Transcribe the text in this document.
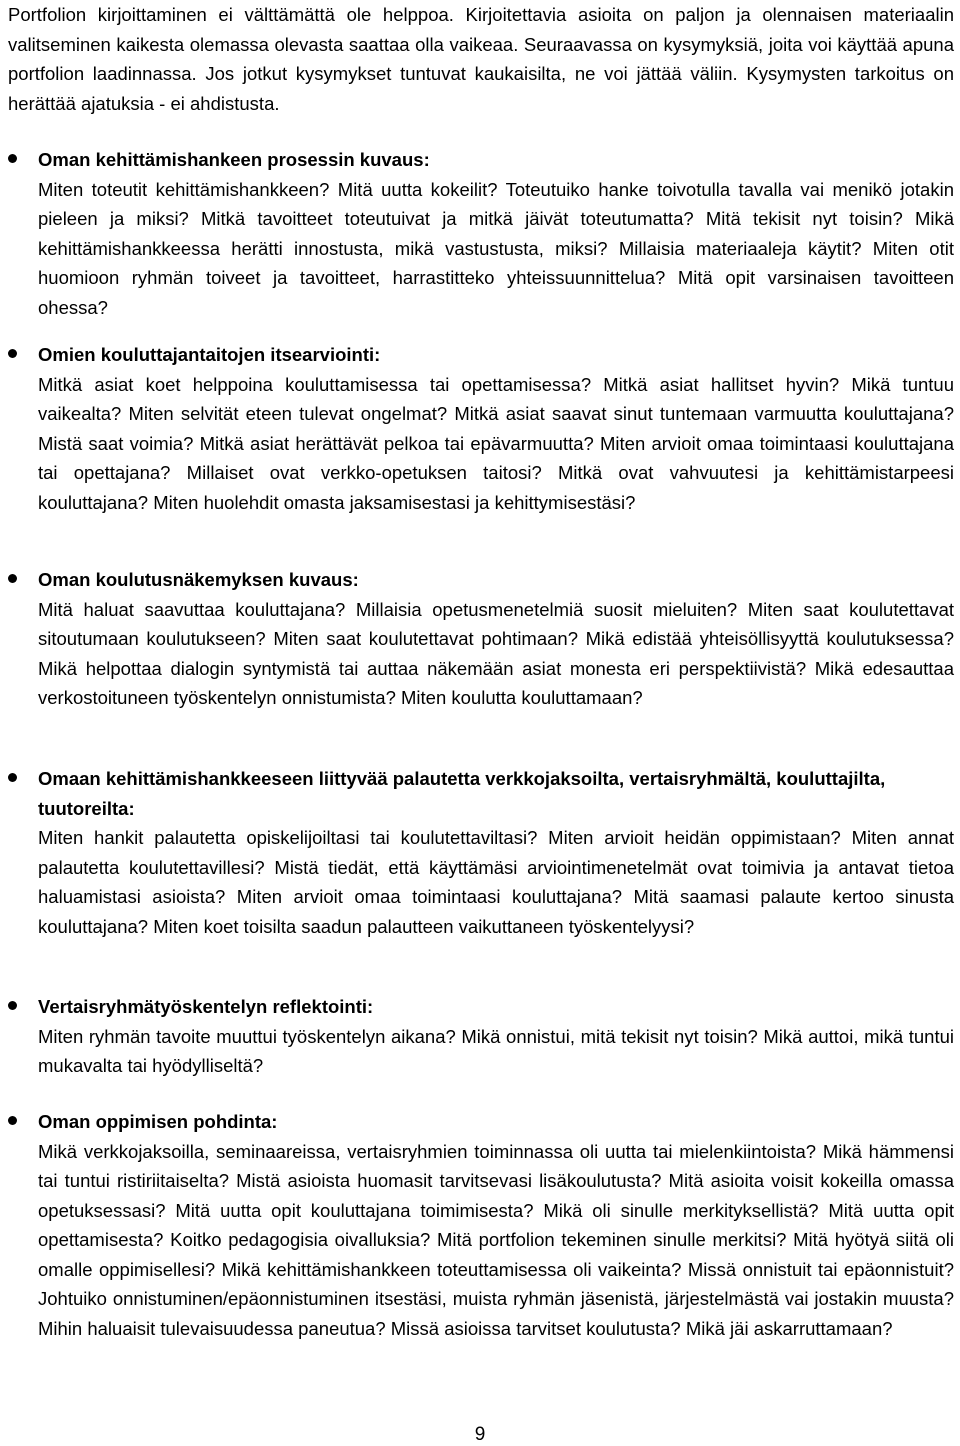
Portfolion kirjoittaminen ei välttämättä ole helppoa. Kirjoitettavia asioita on paljon ja olennaisen materiaalin valitseminen kaikesta olemassa olevasta saattaa olla vaikeaa. Seuraavassa on kysymyksiä, joita voi käyttää apuna portfolion laadinnassa. Jos jotkut kysymykset tuntuvat kaukaisilta, ne voi jättää väliin. Kysymysten tarkoitus on herättää ajatuksia - ei ahdistusta.

Oman kehittämishankeen prosessin kuvaus:

Miten toteutit kehittämishankkeen? Mitä uutta kokeilit? Toteutuiko hanke toivotulla tavalla vai menikö jotakin pieleen ja miksi? Mitkä tavoitteet toteutuivat ja mitkä jäivät toteutumatta? Mitä tekisit nyt toisin? Mikä kehittämishankkeessa herätti innostusta, mikä vastustusta, miksi? Millaisia materiaaleja käytit? Miten otit huomioon ryhmän toiveet ja tavoitteet, harrastitteko yhteissuunnittelua? Mitä opit varsinaisen tavoitteen ohessa?

Omien kouluttajantaitojen itsearviointi:

Mitkä asiat koet helppoina kouluttamisessa tai opettamisessa? Mitkä asiat hallitset hyvin? Mikä tuntuu vaikealta? Miten selvität eteen tulevat ongelmat? Mitkä asiat saavat sinut tuntemaan varmuutta kouluttajana? Mistä saat voimia? Mitkä asiat herättävät pelkoa tai epävarmuutta? Miten arvioit omaa toimintaasi kouluttajana tai opettajana? Millaiset ovat verkko-opetuksen taitosi? Mitkä ovat vahvuutesi ja kehittämistarpeesi kouluttajana? Miten huolehdit omasta jaksamisestasi ja kehittymisestäsi?

Oman koulutusnäkemyksen kuvaus:

Mitä haluat saavuttaa kouluttajana? Millaisia opetusmenetelmiä suosit mieluiten? Miten saat koulutettavat sitoutumaan koulutukseen? Miten saat koulutettavat pohtimaan? Mikä edistää yhteisöllisyyttä koulutuksessa? Mikä helpottaa dialogin syntymistä tai auttaa näkemään asiat monesta eri perspektiivistä? Mikä edesauttaa verkostoituneen työskentelyn onnistumista? Miten koulutta kouluttamaan?

Omaan kehittämishankkeeseen liittyvää palautetta verkkojaksoilta, vertaisryhmältä, kouluttajilta, tuutoreilta:

Miten hankit palautetta opiskelijoiltasi tai koulutettaviltasi? Miten arvioit heidän oppimistaan? Miten annat palautetta koulutettavillesi? Mistä tiedät, että käyttämäsi arviointimenetelmät ovat toimivia ja antavat tietoa haluamistasi asioista? Miten arvioit omaa toimintaasi kouluttajana? Mitä saamasi palaute kertoo sinusta kouluttajana? Miten koet toisilta saadun palautteen vaikuttaneen työskentelyysi?

Vertaisryhmätyöskentelyn reflektointi:

Miten ryhmän tavoite muuttui työskentelyn aikana? Mikä onnistui, mitä tekisit nyt toisin? Mikä auttoi, mikä tuntui mukavalta tai hyödylliseltä?

Oman oppimisen pohdinta:

Mikä verkkojaksoilla, seminaareissa, vertaisryhmien toiminnassa oli uutta tai mielenkiintoista? Mikä hämmensi tai tuntui ristiriitaiselta? Mistä asioista huomasit tarvitsevasi lisäkoulutusta? Mitä asioita voisit kokeilla omassa opetuksessasi? Mitä uutta opit kouluttajana toimimisesta? Mikä oli sinulle merkityksellistä? Mitä uutta opit opettamisesta? Koitko pedagogisia oivalluksia? Mitä portfolion tekeminen sinulle merkitsi? Mitä hyötyä siitä oli omalle oppimisellesi? Mikä kehittämishankkeen toteuttamisessa oli vaikeinta? Missä onnistuit tai epäonnistuit? Johtuiko onnistuminen/epäonnistuminen itsestäsi, muista ryhmän jäsenistä, järjestelmästä vai jostakin muusta? Mihin haluaisit tulevaisuudessa paneutua? Missä asioissa tarvitset koulutusta? Mikä jäi askarruttamaan?

9
